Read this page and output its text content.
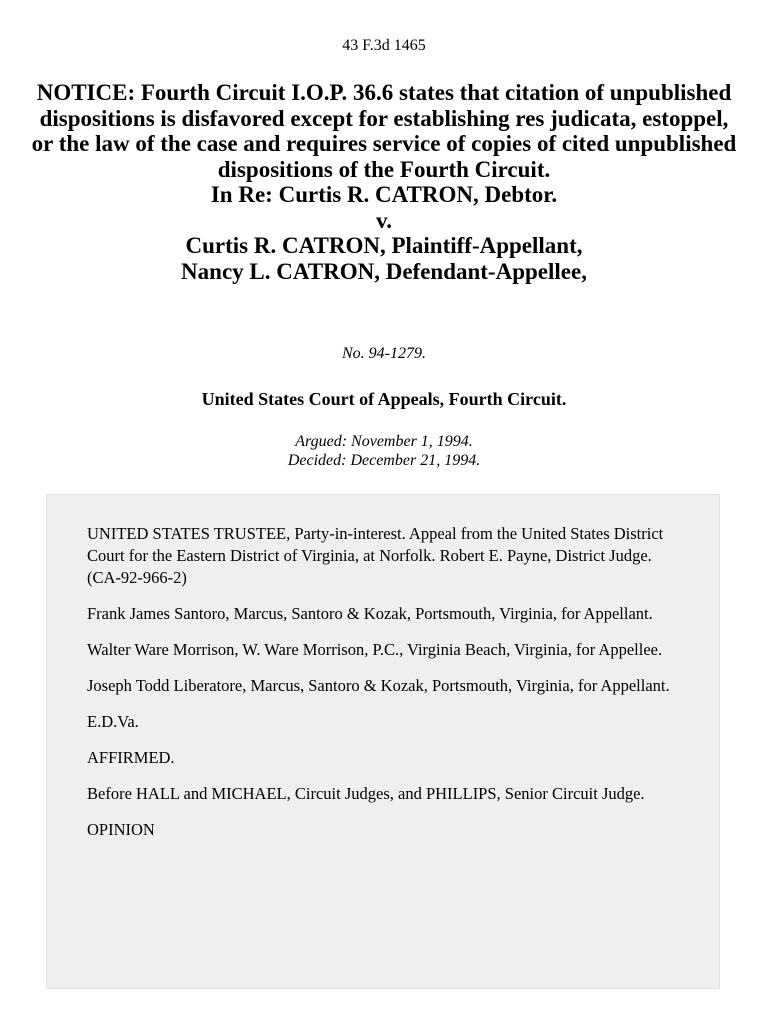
43 F.3d 1465
NOTICE: Fourth Circuit I.O.P. 36.6 states that citation of unpublished dispositions is disfavored except for establishing res judicata, estoppel, or the law of the case and requires service of copies of cited unpublished dispositions of the Fourth Circuit.
In Re: Curtis R. CATRON, Debtor.
v.
Curtis R. CATRON, Plaintiff-Appellant,
Nancy L. CATRON, Defendant-Appellee,
No. 94-1279.
United States Court of Appeals, Fourth Circuit.
Argued: November 1, 1994.
Decided: December 21, 1994.

UNITED STATES TRUSTEE, Party-in-interest. Appeal from the United States District Court for the Eastern District of Virginia, at Norfolk. Robert E. Payne, District Judge. (CA-92-966-2)

Frank James Santoro, Marcus, Santoro & Kozak, Portsmouth, Virginia, for Appellant.

Walter Ware Morrison, W. Ware Morrison, P.C., Virginia Beach, Virginia, for Appellee.

Joseph Todd Liberatore, Marcus, Santoro & Kozak, Portsmouth, Virginia, for Appellant.

E.D.Va.

AFFIRMED.

Before HALL and MICHAEL, Circuit Judges, and PHILLIPS, Senior Circuit Judge.

OPINION
